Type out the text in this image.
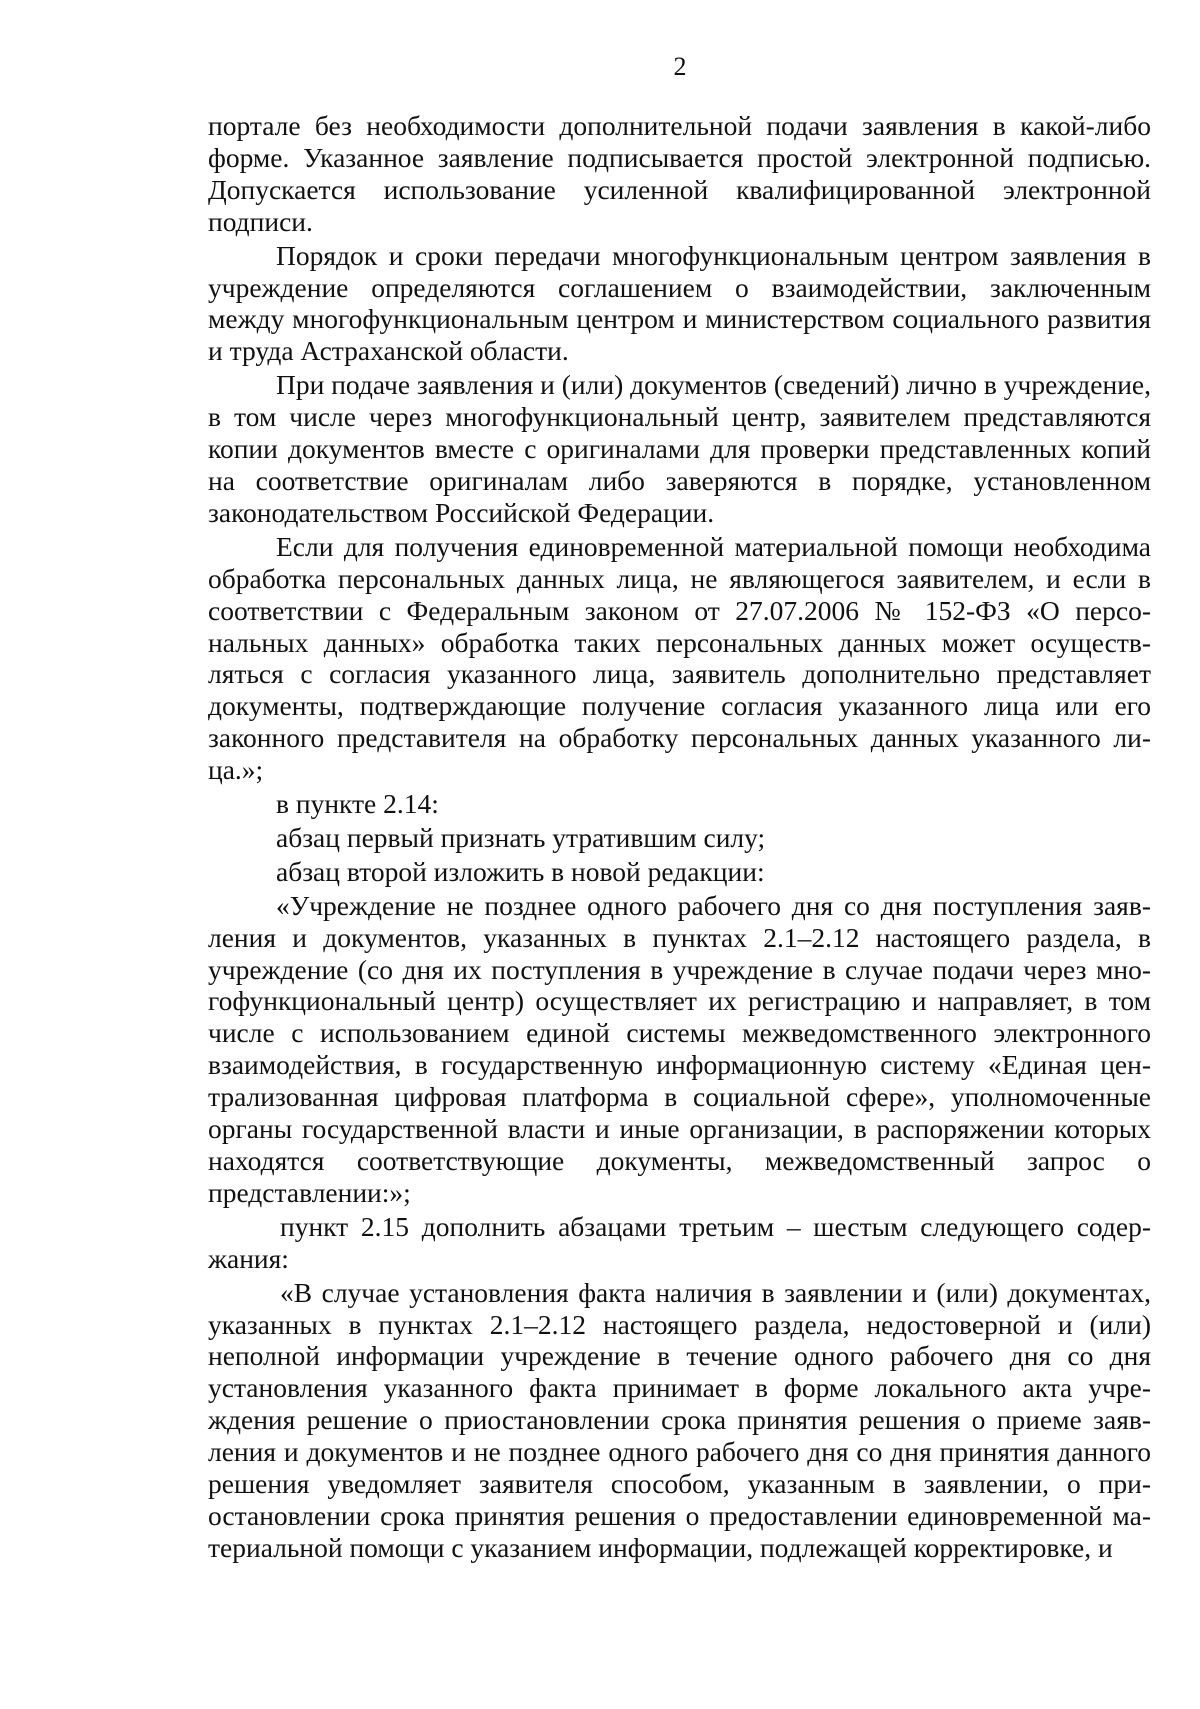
2

портале без необходимости дополнительной подачи заявления в какой-либо форме. Указанное заявление подписывается простой электронной подписью. Допускается использование усиленной квалифицированной электронной подписи.

Порядок и сроки передачи многофункциональным центром заявления в учреждение определяются соглашением о взаимодействии, заключенным между многофункциональным центром и министерством социального развития и труда Астраханской области.

При подаче заявления и (или) документов (сведений) лично в учреждение, в том числе через многофункциональный центр, заявителем представляются копии документов вместе с оригиналами для проверки представленных копий на соответствие оригиналам либо заверяются в порядке, установленном законодательством Российской Федерации.

Если для получения единовременной материальной помощи необходима обработка персональных данных лица, не являющегося заявителем, и если в соответствии с Федеральным законом от 27.07.2006 № 152-ФЗ «О персональных данных» обработка таких персональных данных может осуществляться с согласия указанного лица, заявитель дополнительно представляет документы, подтверждающие получение согласия указанного лица или его законного представителя на обработку персональных данных указанного лица.»;

в пункте 2.14:

абзац первый признать утратившим силу;

абзац второй изложить в новой редакции:

«Учреждение не позднее одного рабочего дня со дня поступления заявления и документов, указанных в пунктах 2.1–2.12 настоящего раздела, в учреждение (со дня их поступления в учреждение в случае подачи через многофункциональный центр) осуществляет их регистрацию и направляет, в том числе с использованием единой системы межведомственного электронного взаимодействия, в государственную информационную систему «Единая централизованная цифровая платформа в социальной сфере», уполномоченные органы государственной власти и иные организации, в распоряжении которых находятся соответствующие документы, межведомственный запрос о представлении:»;

пункт 2.15 дополнить абзацами третьим – шестым следующего содержания:

«В случае установления факта наличия в заявлении и (или) документах, указанных в пунктах 2.1–2.12 настоящего раздела, недостоверной и (или) неполной информации учреждение в течение одного рабочего дня со дня установления указанного факта принимает в форме локального акта учреждения решение о приостановлении срока принятия решения о приеме заявления и документов и не позднее одного рабочего дня со дня принятия данного решения уведомляет заявителя способом, указанным в заявлении, о приостановлении срока принятия решения о предоставлении единовременной материальной помощи с указанием информации, подлежащей корректировке, и
